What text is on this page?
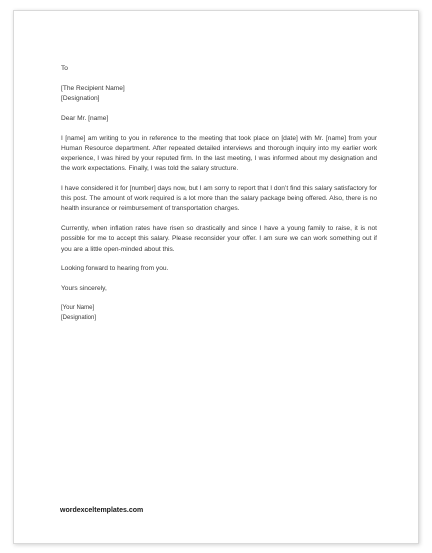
To

[The Recipient Name]

[Designation]

Dear Mr. [name]

I [name] am writing to you in reference to the meeting that took place on [date] with Mr. [name] from your Human Resource department. After repeated detailed interviews and thorough inquiry into my earlier work experience, I was hired by your reputed firm. In the last meeting, I was informed about my designation and the work expectations. Finally, I was told the salary structure.

I have considered it for [number] days now, but I am sorry to report that I don’t find this salary satisfactory for this post. The amount of work required is a lot more than the salary package being offered. Also, there is no health insurance or reimbursement of transportation charges.

Currently, when inflation rates have risen so drastically and since I have a young family to raise, it is not possible for me to accept this salary. Please reconsider your offer. I am sure we can work something out if you are a little open-minded about this.

Looking forward to hearing from you.

Yours sincerely,

[Your Name]

[Designation]

wordexceltemplates.com
